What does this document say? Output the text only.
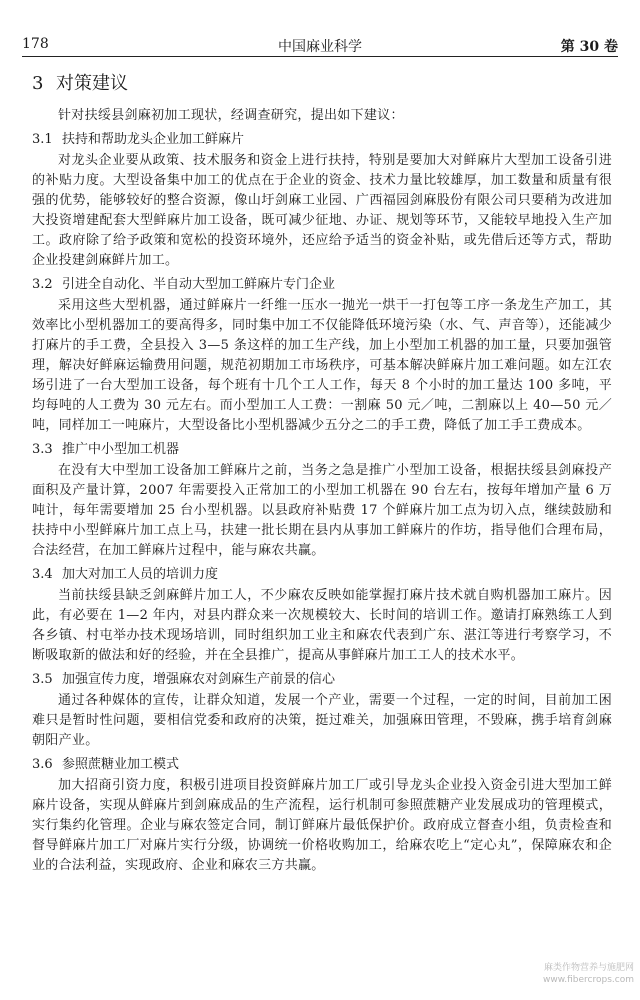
178	中国麻业科学	第 30 卷
3 对策建议

针对扶绥县剑麻初加工现状，经调查研究，提出如下建议：

3.1 扶持和帮助龙头企业加工鲜麻片

对龙头企业要从政策、技术服务和资金上进行扶持，特别是要加大对鲜麻片大型加工设备引进的补贴力度。大型设备集中加工的优点在于企业的资金、技术力量比较雄厚，加工数量和质量有很强的优势，能够较好的整合资源，像山圩剑麻工业园、广西福园剑麻股份有限公司只要稍为改进加大投资增建配套大型鲜麻片加工设备，既可减少征地、办证、规划等环节，又能较早地投入生产加工。政府除了给予政策和宽松的投资环境外，还应给予适当的资金补贴，或先借后还等方式，帮助企业投建剑麻鲜片加工。

3.2 引进全自动化、半自动大型加工鲜麻片专门企业

采用这些大型机器，通过鲜麻片一纤维一压水一抛光一烘干一打包等工序一条龙生产加工，其效率比小型机器加工的要高得多，同时集中加工不仅能降低环境污染（水、气、声音等），还能减少打麻片的手工费，全县投入 3—5 条这样的加工生产线，加上小型加工机器的加工量，只要加强管理，解决好鲜麻运输费用问题，规范初期加工市场秩序，可基本解决鲜麻片加工难问题。如左江农场引进了一台大型加工设备，每个班有十几个工人工作，每天 8 个小时的加工量达 100 多吨，平均每吨的人工费为 30 元左右。而小型加工人工费：一割麻 50 元／吨，二割麻以上 40—50 元／吨，同样加工一吨麻片，大型设备比小型机器减少五分之二的手工费，降低了加工手工费成本。

3.3 推广中小型加工机器

在没有大中型加工设备加工鲜麻片之前，当务之急是推广小型加工设备，根据扶绥县剑麻投产面积及产量计算，2007 年需要投入正常加工的小型加工机器在 90 台左右，按每年增加产量 6 万吨计，每年需要增加 25 台小型机器。以县政府补贴费 17 个鲜麻片加工点为切入点，继续鼓励和扶持中小型鲜麻片加工点上马，扶建一批长期在县内从事加工鲜麻片的作坊，指导他们合理布局，合法经营，在加工鲜麻片过程中，能与麻农共赢。

3.4 加大对加工人员的培训力度

当前扶绥县缺乏剑麻鲜片加工人，不少麻农反映如能掌握打麻片技术就自购机器加工麻片。因此，有必要在 1—2 年内，对县内群众来一次规模较大、长时间的培训工作。邀请打麻熟练工人到各乡镇、村屯举办技术现场培训，同时组织加工业主和麻农代表到广东、湛江等进行考察学习，不断吸取新的做法和好的经验，并在全县推广，提高从事鲜麻片加工工人的技术水平。

3.5 加强宣传力度，增强麻农对剑麻生产前景的信心

通过各种媒体的宣传，让群众知道，发展一个产业，需要一个过程，一定的时间，目前加工困难只是暂时性问题，要相信党委和政府的决策，挺过难关，加强麻田管理，不毁麻，携手培育剑麻朝阳产业。

3.6 参照蔗糖业加工模式

加大招商引资力度，积极引进项目投资鲜麻片加工厂或引导龙头企业投入资金引进大型加工鲜麻片设备，实现从鲜麻片到剑麻成品的生产流程，运行机制可参照蔗糖产业发展成功的管理模式，实行集约化管理。企业与麻农签定合同，制订鲜麻片最低保护价。政府成立督查小组，负责检查和督导鲜麻片加工厂对麻片实行分级，协调统一价格收购加工，给麻农吃上“定心丸”，保障麻农和企业的合法利益，实现政府、企业和麻农三方共赢。

麻类作物营养与施肥网
www.fibercrops.com
